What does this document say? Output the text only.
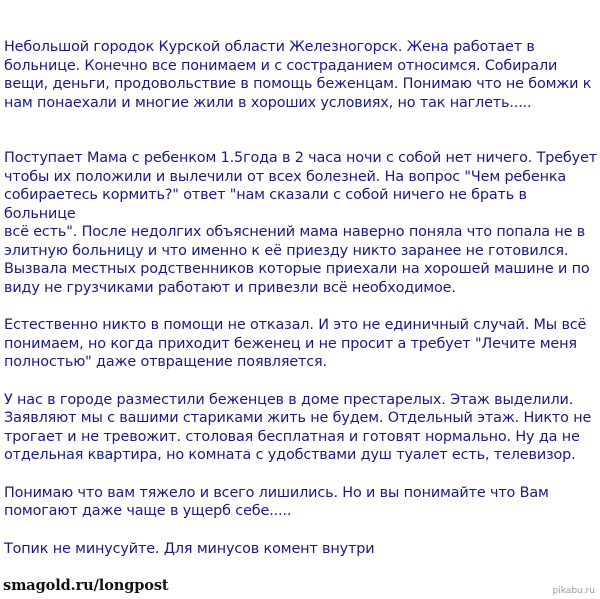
Небольшой городок Курской области Железногорск. Жена работает в
больнице. Конечно все понимаем и с состраданием относимся. Собирали
вещи, деньги, продовольствие в помощь беженцам. Понимаю что не бомжи к
нам понаехали и многие жили в хороших условиях, но так наглеть.....

Поступает Мама с ребенком 1.5года в 2 часа ночи с собой нет ничего. Требует
чтобы их положили и вылечили от всех болезней. На вопрос "Чем ребенка
собираетесь кормить?" ответ "нам сказали с собой ничего не брать в больнице
всё есть". После недолгих объяснений мама наверно поняла что попала не в
элитную больницу и что именно к её приезду никто заранее не готовился.
Вызвала местных родственников которые приехали на хорошей машине и по
виду не грузчиками работают и привезли всё необходимое.

Естественно никто в помощи не отказал. И это не единичный случай. Мы всё
понимаем, но когда приходит беженец и не просит а требует "Лечите меня
полностью" даже отвращение появляется.

У нас в городе разместили беженцев в доме престарелых. Этаж выделили.
Заявляют мы с вашими стариками жить не будем. Отдельный этаж. Никто не
трогает и не тревожит. столовая бесплатная и готовят нормально. Ну да не
отдельная квартира, но комната с удобствами душ туалет есть, телевизор.

Понимаю что вам тяжело и всего лишились. Но и вы понимайте что Вам
помогают даже чаще в ущерб себе.....

Топик не минусуйте. Для минусов комент внутри

smagold.ru/longpost	pikabu.ru
